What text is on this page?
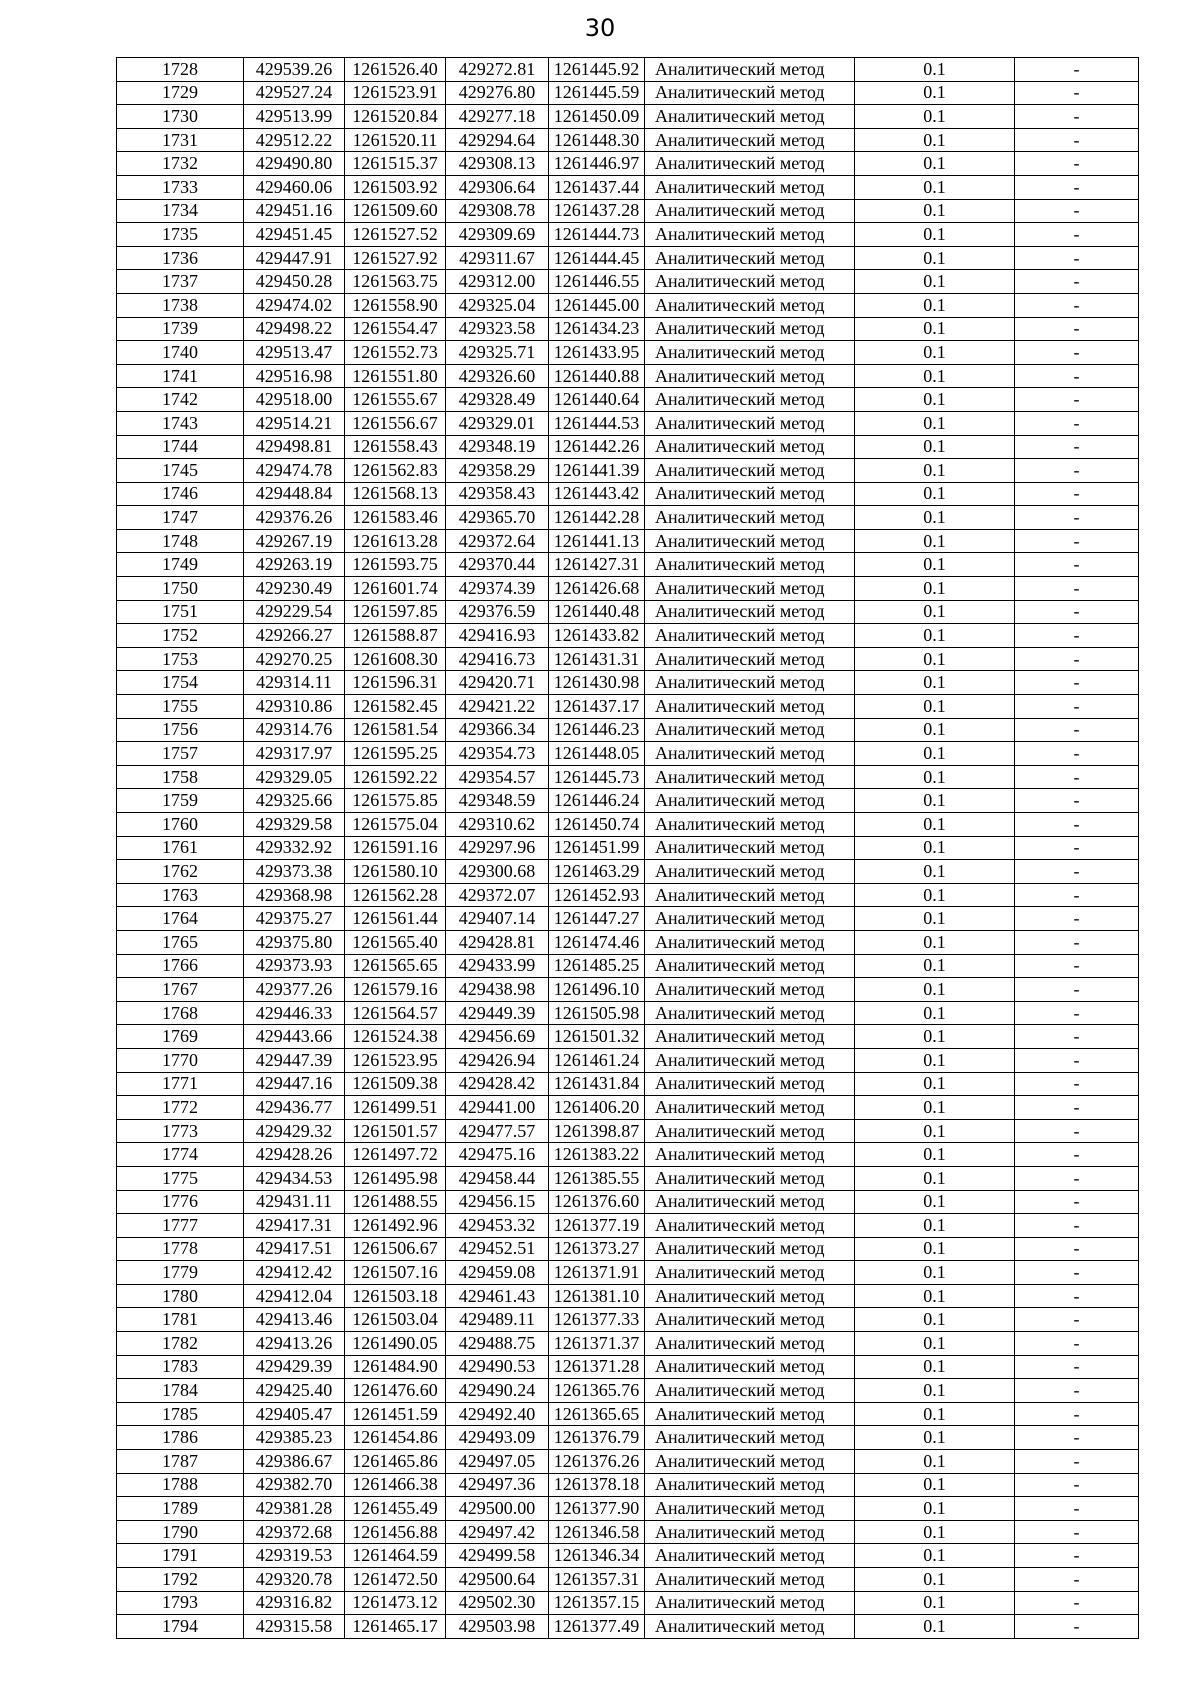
30
1728	429539.26	1261526.40	429272.81	1261445.92	Аналитический метод	0.1	-
1729	429527.24	1261523.91	429276.80	1261445.59	Аналитический метод	0.1	-
1730	429513.99	1261520.84	429277.18	1261450.09	Аналитический метод	0.1	-
1731	429512.22	1261520.11	429294.64	1261448.30	Аналитический метод	0.1	-
1732	429490.80	1261515.37	429308.13	1261446.97	Аналитический метод	0.1	-
1733	429460.06	1261503.92	429306.64	1261437.44	Аналитический метод	0.1	-
1734	429451.16	1261509.60	429308.78	1261437.28	Аналитический метод	0.1	-
1735	429451.45	1261527.52	429309.69	1261444.73	Аналитический метод	0.1	-
1736	429447.91	1261527.92	429311.67	1261444.45	Аналитический метод	0.1	-
1737	429450.28	1261563.75	429312.00	1261446.55	Аналитический метод	0.1	-
1738	429474.02	1261558.90	429325.04	1261445.00	Аналитический метод	0.1	-
1739	429498.22	1261554.47	429323.58	1261434.23	Аналитический метод	0.1	-
1740	429513.47	1261552.73	429325.71	1261433.95	Аналитический метод	0.1	-
1741	429516.98	1261551.80	429326.60	1261440.88	Аналитический метод	0.1	-
1742	429518.00	1261555.67	429328.49	1261440.64	Аналитический метод	0.1	-
1743	429514.21	1261556.67	429329.01	1261444.53	Аналитический метод	0.1	-
1744	429498.81	1261558.43	429348.19	1261442.26	Аналитический метод	0.1	-
1745	429474.78	1261562.83	429358.29	1261441.39	Аналитический метод	0.1	-
1746	429448.84	1261568.13	429358.43	1261443.42	Аналитический метод	0.1	-
1747	429376.26	1261583.46	429365.70	1261442.28	Аналитический метод	0.1	-
1748	429267.19	1261613.28	429372.64	1261441.13	Аналитический метод	0.1	-
1749	429263.19	1261593.75	429370.44	1261427.31	Аналитический метод	0.1	-
1750	429230.49	1261601.74	429374.39	1261426.68	Аналитический метод	0.1	-
1751	429229.54	1261597.85	429376.59	1261440.48	Аналитический метод	0.1	-
1752	429266.27	1261588.87	429416.93	1261433.82	Аналитический метод	0.1	-
1753	429270.25	1261608.30	429416.73	1261431.31	Аналитический метод	0.1	-
1754	429314.11	1261596.31	429420.71	1261430.98	Аналитический метод	0.1	-
1755	429310.86	1261582.45	429421.22	1261437.17	Аналитический метод	0.1	-
1756	429314.76	1261581.54	429366.34	1261446.23	Аналитический метод	0.1	-
1757	429317.97	1261595.25	429354.73	1261448.05	Аналитический метод	0.1	-
1758	429329.05	1261592.22	429354.57	1261445.73	Аналитический метод	0.1	-
1759	429325.66	1261575.85	429348.59	1261446.24	Аналитический метод	0.1	-
1760	429329.58	1261575.04	429310.62	1261450.74	Аналитический метод	0.1	-
1761	429332.92	1261591.16	429297.96	1261451.99	Аналитический метод	0.1	-
1762	429373.38	1261580.10	429300.68	1261463.29	Аналитический метод	0.1	-
1763	429368.98	1261562.28	429372.07	1261452.93	Аналитический метод	0.1	-
1764	429375.27	1261561.44	429407.14	1261447.27	Аналитический метод	0.1	-
1765	429375.80	1261565.40	429428.81	1261474.46	Аналитический метод	0.1	-
1766	429373.93	1261565.65	429433.99	1261485.25	Аналитический метод	0.1	-
1767	429377.26	1261579.16	429438.98	1261496.10	Аналитический метод	0.1	-
1768	429446.33	1261564.57	429449.39	1261505.98	Аналитический метод	0.1	-
1769	429443.66	1261524.38	429456.69	1261501.32	Аналитический метод	0.1	-
1770	429447.39	1261523.95	429426.94	1261461.24	Аналитический метод	0.1	-
1771	429447.16	1261509.38	429428.42	1261431.84	Аналитический метод	0.1	-
1772	429436.77	1261499.51	429441.00	1261406.20	Аналитический метод	0.1	-
1773	429429.32	1261501.57	429477.57	1261398.87	Аналитический метод	0.1	-
1774	429428.26	1261497.72	429475.16	1261383.22	Аналитический метод	0.1	-
1775	429434.53	1261495.98	429458.44	1261385.55	Аналитический метод	0.1	-
1776	429431.11	1261488.55	429456.15	1261376.60	Аналитический метод	0.1	-
1777	429417.31	1261492.96	429453.32	1261377.19	Аналитический метод	0.1	-
1778	429417.51	1261506.67	429452.51	1261373.27	Аналитический метод	0.1	-
1779	429412.42	1261507.16	429459.08	1261371.91	Аналитический метод	0.1	-
1780	429412.04	1261503.18	429461.43	1261381.10	Аналитический метод	0.1	-
1781	429413.46	1261503.04	429489.11	1261377.33	Аналитический метод	0.1	-
1782	429413.26	1261490.05	429488.75	1261371.37	Аналитический метод	0.1	-
1783	429429.39	1261484.90	429490.53	1261371.28	Аналитический метод	0.1	-
1784	429425.40	1261476.60	429490.24	1261365.76	Аналитический метод	0.1	-
1785	429405.47	1261451.59	429492.40	1261365.65	Аналитический метод	0.1	-
1786	429385.23	1261454.86	429493.09	1261376.79	Аналитический метод	0.1	-
1787	429386.67	1261465.86	429497.05	1261376.26	Аналитический метод	0.1	-
1788	429382.70	1261466.38	429497.36	1261378.18	Аналитический метод	0.1	-
1789	429381.28	1261455.49	429500.00	1261377.90	Аналитический метод	0.1	-
1790	429372.68	1261456.88	429497.42	1261346.58	Аналитический метод	0.1	-
1791	429319.53	1261464.59	429499.58	1261346.34	Аналитический метод	0.1	-
1792	429320.78	1261472.50	429500.64	1261357.31	Аналитический метод	0.1	-
1793	429316.82	1261473.12	429502.30	1261357.15	Аналитический метод	0.1	-
1794	429315.58	1261465.17	429503.98	1261377.49	Аналитический метод	0.1	-
